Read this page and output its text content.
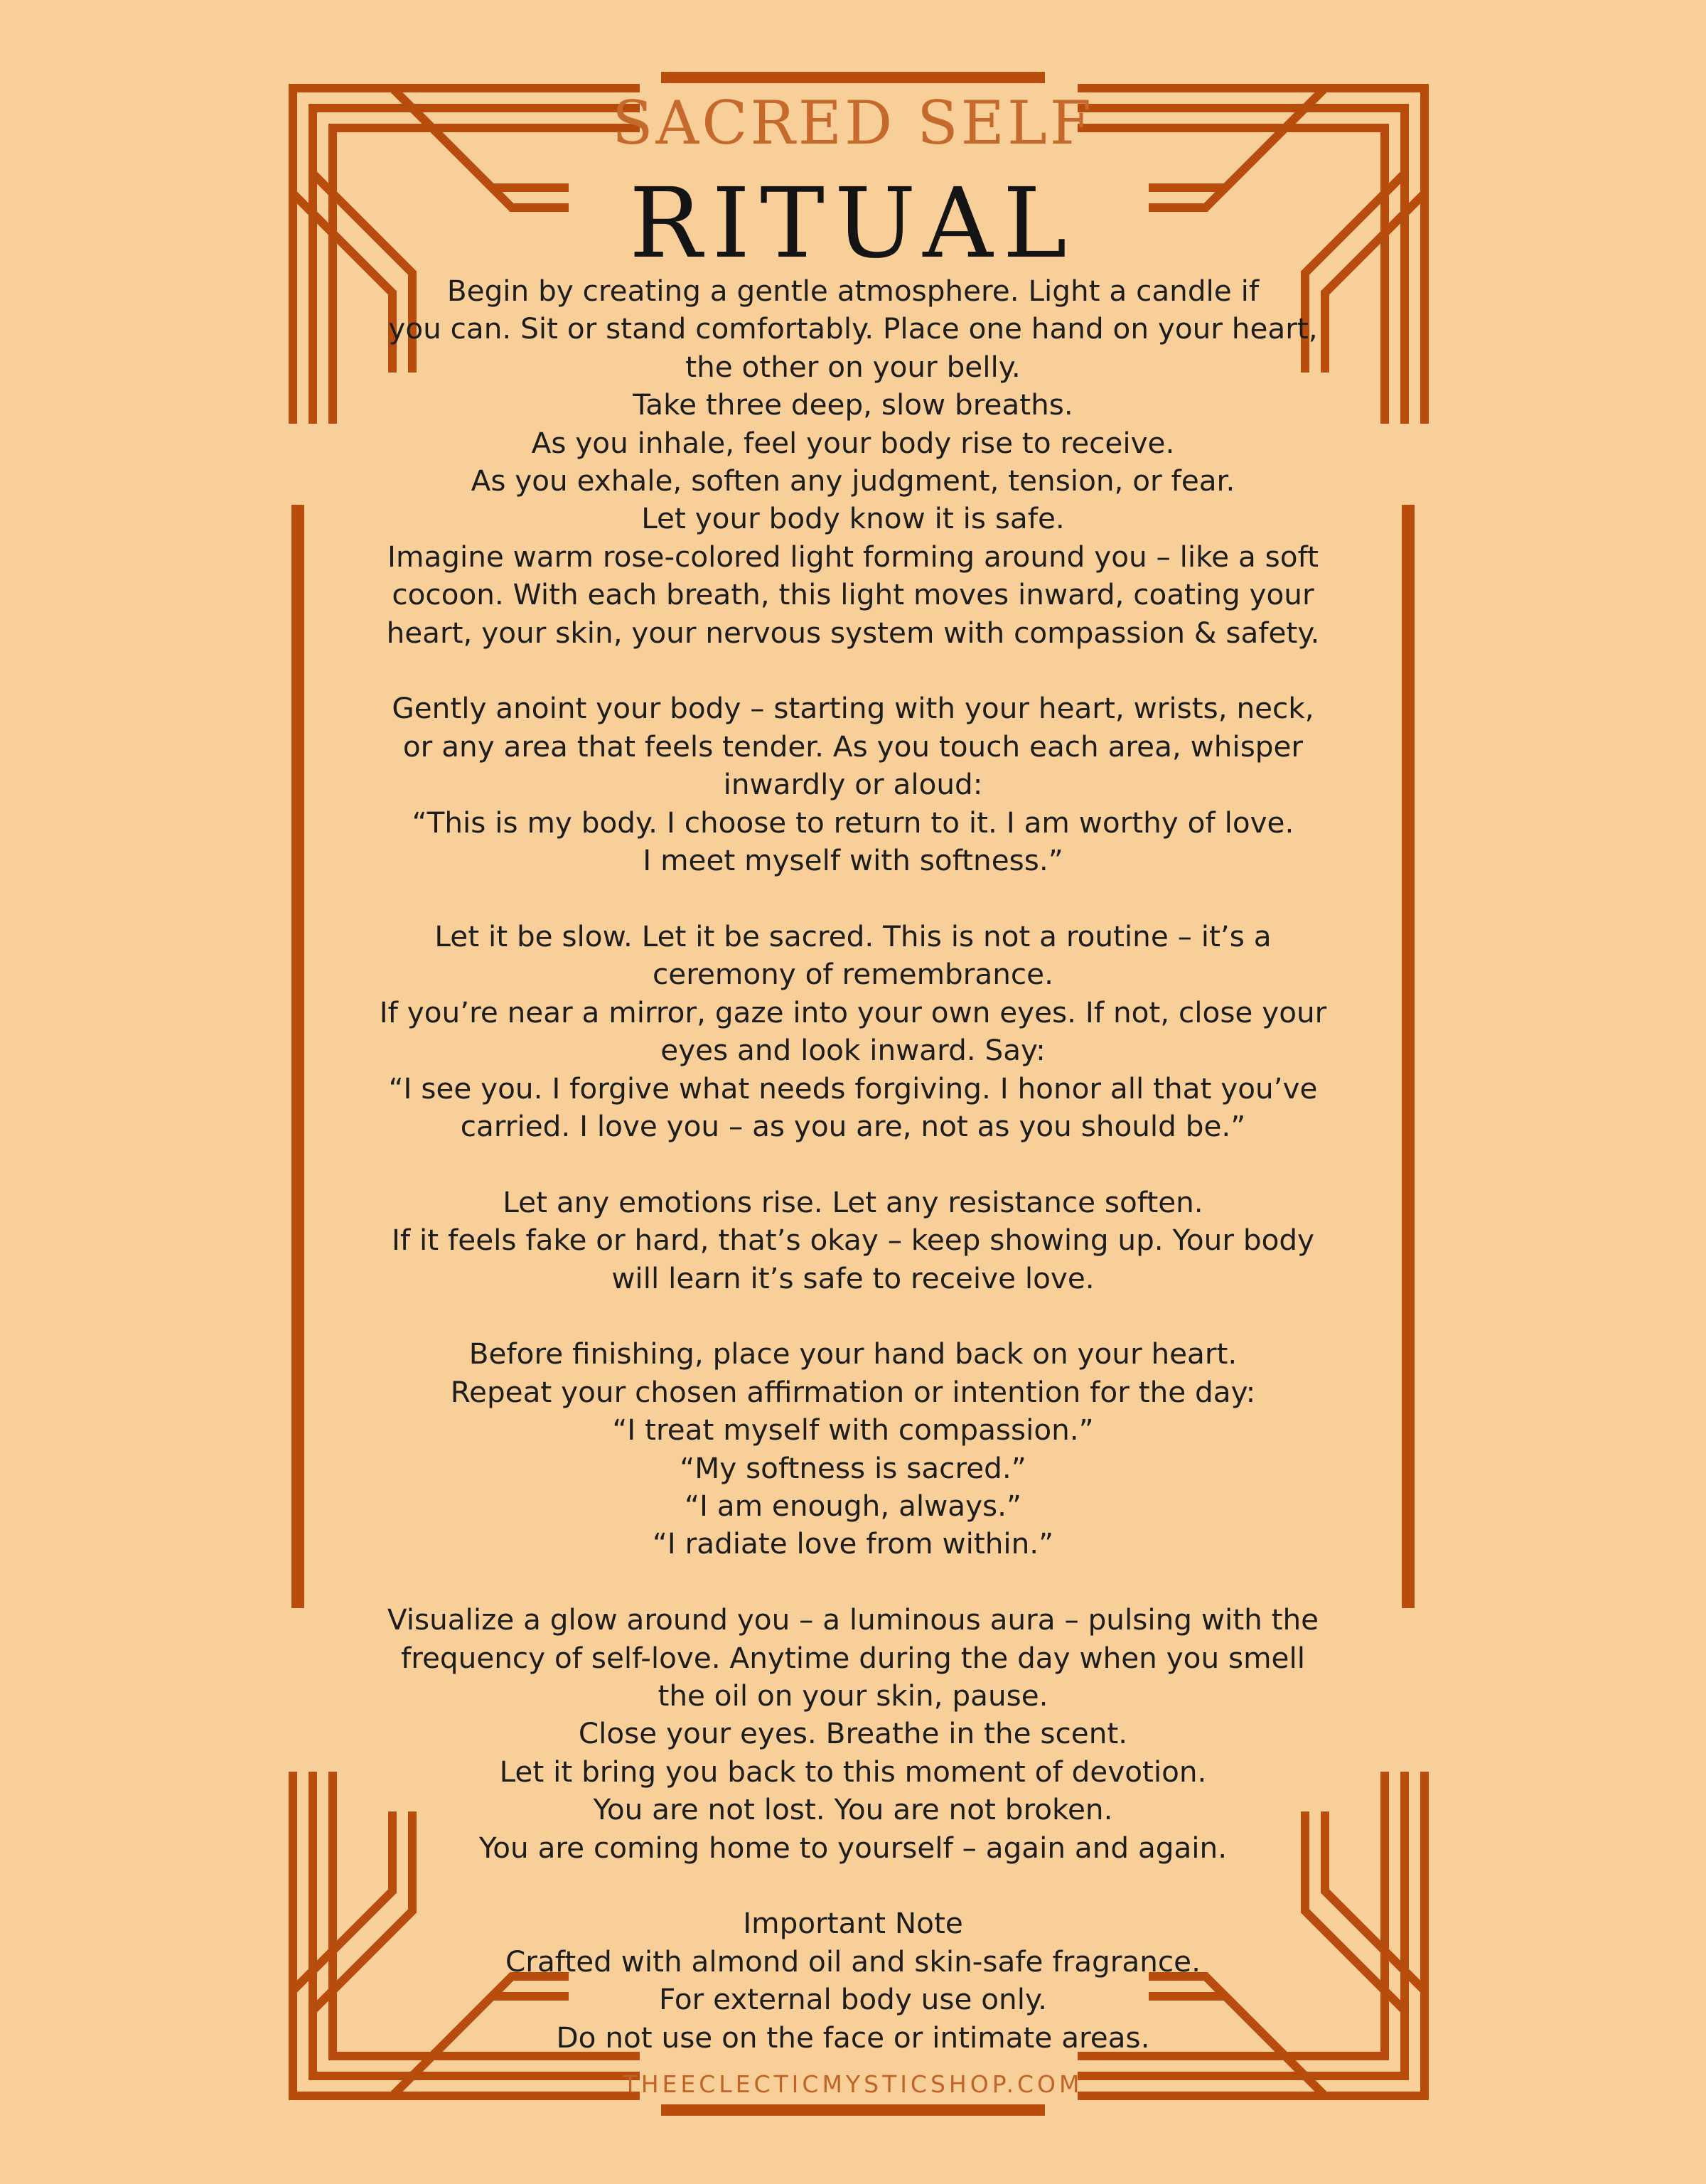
SACRED SELF
RITUAL
Begin by creating a gentle atmosphere. Light a candle if
you can. Sit or stand comfortably. Place one hand on your heart,
the other on your belly.
Take three deep, slow breaths.
As you inhale, feel your body rise to receive.
As you exhale, soften any judgment, tension, or fear.
Let your body know it is safe.
Imagine warm rose-colored light forming around you – like a soft
cocoon. With each breath, this light moves inward, coating your
heart, your skin, your nervous system with compassion & safety.
Gently anoint your body – starting with your heart, wrists, neck,
or any area that feels tender. As you touch each area, whisper
inwardly or aloud:
“This is my body. I choose to return to it. I am worthy of love.
I meet myself with softness.”
Let it be slow. Let it be sacred. This is not a routine – it’s a
ceremony of remembrance.
If you’re near a mirror, gaze into your own eyes. If not, close your
eyes and look inward. Say:
“I see you. I forgive what needs forgiving. I honor all that you’ve
carried. I love you – as you are, not as you should be.”
Let any emotions rise. Let any resistance soften.
If it feels fake or hard, that’s okay – keep showing up. Your body
will learn it’s safe to receive love.
Before finishing, place your hand back on your heart.
Repeat your chosen affirmation or intention for the day:
“I treat myself with compassion.”
“My softness is sacred.”
“I am enough, always.”
“I radiate love from within.”
Visualize a glow around you – a luminous aura – pulsing with the
frequency of self-love. Anytime during the day when you smell
the oil on your skin, pause.
Close your eyes. Breathe in the scent.
Let it bring you back to this moment of devotion.
You are not lost. You are not broken.
You are coming home to yourself – again and again.
Important Note
Crafted with almond oil and skin-safe fragrance.
For external body use only.
Do not use on the face or intimate areas.
THEECLECTICMYSTICSHOP.COM
